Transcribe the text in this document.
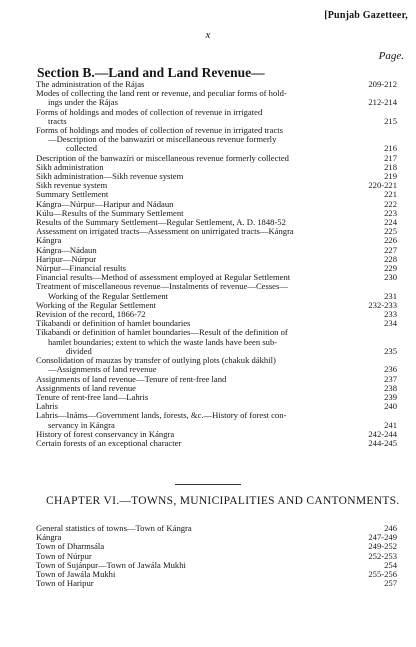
[Punjab Gazetteer,
x
Page.
Section B.—Land and Land Revenue—
The administration of the Rájas	209-212
Modes of collecting the land rent or revenue, and peculiar forms of hold-
ings under the Rájas	212-214
Forms of holdings and modes of collection of revenue in irrigated
tracts	215
Forms of holdings and modes of collection of revenue in irrigated tracts
—Description of the banwazíri or miscellaneous revenue formerly
collected	216
Description of the banwazíri or miscellaneous revenue formerly collected	217
Sikh administration	218
Sikh administration—Sikh revenue system	219
Sikh revenue system	220-221
Summary Settlement	221
Kángra—Núrpur—Haripur and Nádaun	222
Kúlu—Results of the Summary Settlement	223
Results of the Summary Settlement—Regular Settlement, A. D. 1848-52	224
Assessment on irrigated tracts—Assessment on unirrigated tracts—Kángra	225
Kángra	226
Kángra—Nádaun	227
Haripur—Núrpur	228
Núrpur—Financial results	229
Financial results—Method of assessment employed at Regular Settlement	230
Treatment of miscellaneous revenue—Instalments of revenue—Cesses—
Working of the Regular Settlement	231
Working of the Regular Settlement	232-233
Revision of the record, 1866-72	233
Tíkabandi or definition of hamlet boundaries	234
Tíkabandi or definition of hamlet boundaries—Result of the definition of
hamlet boundaries; extent to which the waste lands have been sub-
divided	235
Consolidation of mauzas by transfer of outlying plots (chakuk dákhil)
—Assignments of land revenue	236
Assignments of land revenue—Tenure of rent-free land	237
Assignments of land revenue	238
Tenure of rent-free land—Lahris	239
Lahris	240
Lahris—Ináms—Government lands, forests, &c.—History of forest con-
servancy in Kángra	241
History of forest conservancy in Kángra	242-244
Certain forests of an exceptional character	244-245
CHAPTER VI.—TOWNS, MUNICIPALITIES AND CANTONMENTS.
General statistics of towns—Town of Kángra	246
Kángra	247-249
Town of Dharmsála	249-252
Town of Núrpur	252-253
Town of Sujánpur—Town of Jawála Mukhi	254
Town of Jawála Mukhi	255-256
Town of Haripur	257
